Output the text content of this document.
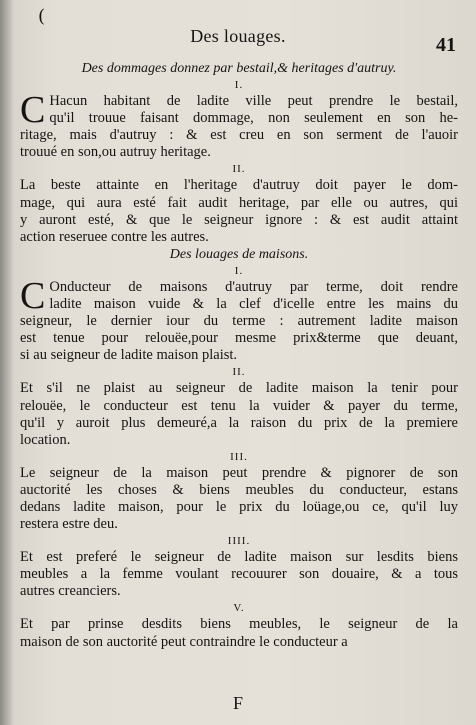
(
Des louages.	41

Des dommages donnez par bestail,& heritages d'autruy.

I.
C Hacun habitant de ladite ville peut prendre le bestail,
qu'il trouue faisant dommage, non seulement en son he-
ritage, mais d'autruy : & est creu en son serment de l'auoir
trouué en son,ou autruy heritage.
II.
La beste attainte en l'heritage d'autruy doit payer le dom-
mage, qui aura esté fait audit heritage, par elle ou autres, qui
y auront esté, & que le seigneur ignore : & est audit attaint
action reseruee contre les autres.

Des louages de maisons.

I.
C Onducteur de maisons d'autruy par terme, doit rendre
ladite maison vuide & la clef d'icelle entre les mains du
seigneur, le dernier iour du terme : autrement ladite maison
est tenue pour relouëe,pour mesme prix&terme que deuant,
si au seigneur de ladite maison plaist.
II.
Et s'il ne plaist au seigneur de ladite maison la tenir pour
relouëe, le conducteur est tenu la vuider & payer du terme,
qu'il y auroit plus demeuré,a la raison du prix de la premiere
location.
III.
Le seigneur de la maison peut prendre & pignorer de son
auctorité les choses & biens meubles du conducteur, estans
dedans ladite maison, pour le prix du loüage,ou ce, qu'il luy
restera estre deu.
IIII.
Et est preferé le seigneur de ladite maison sur lesdits biens
meubles a la femme voulant recouurer son douaire, & a tous
autres creanciers.
V.
Et par prinse desdits biens meubles, le seigneur de la
maison de son auctorité peut contraindre le conducteur a
F
